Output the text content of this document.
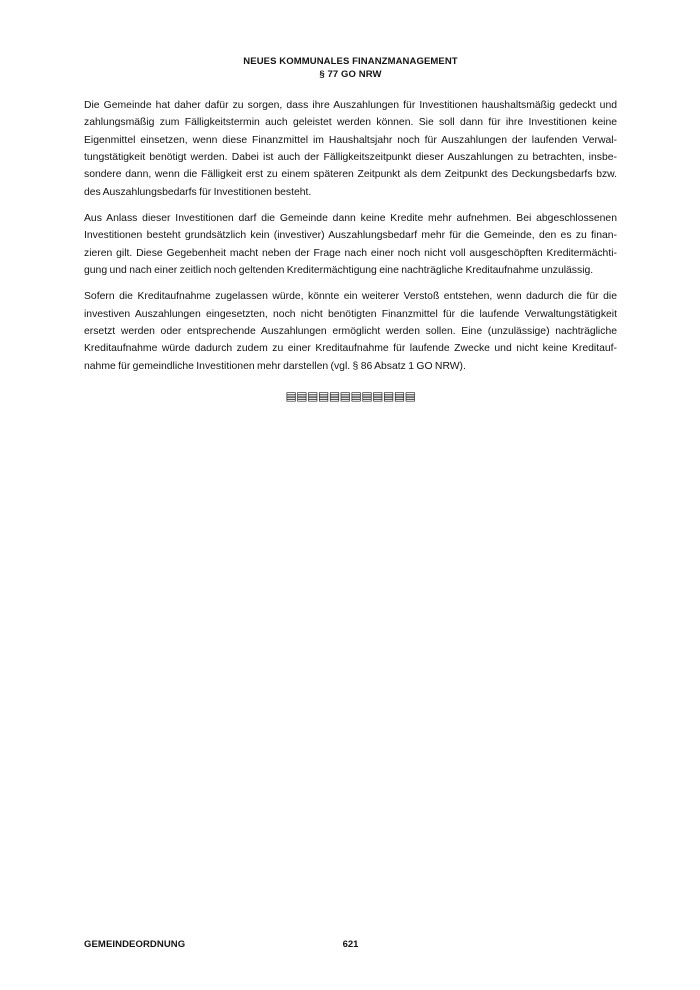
NEUES KOMMUNALES FINANZMANAGEMENT
§ 77 GO NRW
Die Gemeinde hat daher dafür zu sorgen, dass ihre Auszahlungen für Investitionen haushaltsmäßig gedeckt und
zahlungsmäßig zum Fälligkeitstermin auch geleistet werden können. Sie soll dann für ihre Investitionen keine
Eigenmittel einsetzen, wenn diese Finanzmittel im Haushaltsjahr noch für Auszahlungen der laufenden Verwal-
tungstätigkeit benötigt werden. Dabei ist auch der Fälligkeitszeitpunkt dieser Auszahlungen zu betrachten, insbe-
sondere dann, wenn die Fälligkeit erst zu einem späteren Zeitpunkt als dem Zeitpunkt des Deckungsbedarfs bzw.
des Auszahlungsbedarfs für Investitionen besteht.
Aus Anlass dieser Investitionen darf die Gemeinde dann keine Kredite mehr aufnehmen. Bei abgeschlossenen
Investitionen besteht grundsätzlich kein (investiver) Auszahlungsbedarf mehr für die Gemeinde, den es zu finan-
zieren gilt. Diese Gegebenheit macht neben der Frage nach einer noch nicht voll ausgeschöpften Kreditermächti-
gung und nach einer zeitlich noch geltenden Kreditermächtigung eine nachträgliche Kreditaufnahme unzulässig.
Sofern die Kreditaufnahme zugelassen würde, könnte ein weiterer Verstoß entstehen, wenn dadurch die für die
investiven Auszahlungen eingesetzten, noch nicht benötigten Finanzmittel für die laufende Verwaltungstätigkeit
ersetzt werden oder entsprechende Auszahlungen ermöglicht werden sollen. Eine (unzulässige) nachträgliche
Kreditaufnahme würde dadurch zudem zu einer Kreditaufnahme für laufende Zwecke und nicht keine Kreditauf-
nahme für gemeindliche Investitionen mehr darstellen (vgl. § 86 Absatz 1 GO NRW).
▤▤▤▤▤▤▤▤▤▤▤▤
GEMEINDEORDNUNG	621
